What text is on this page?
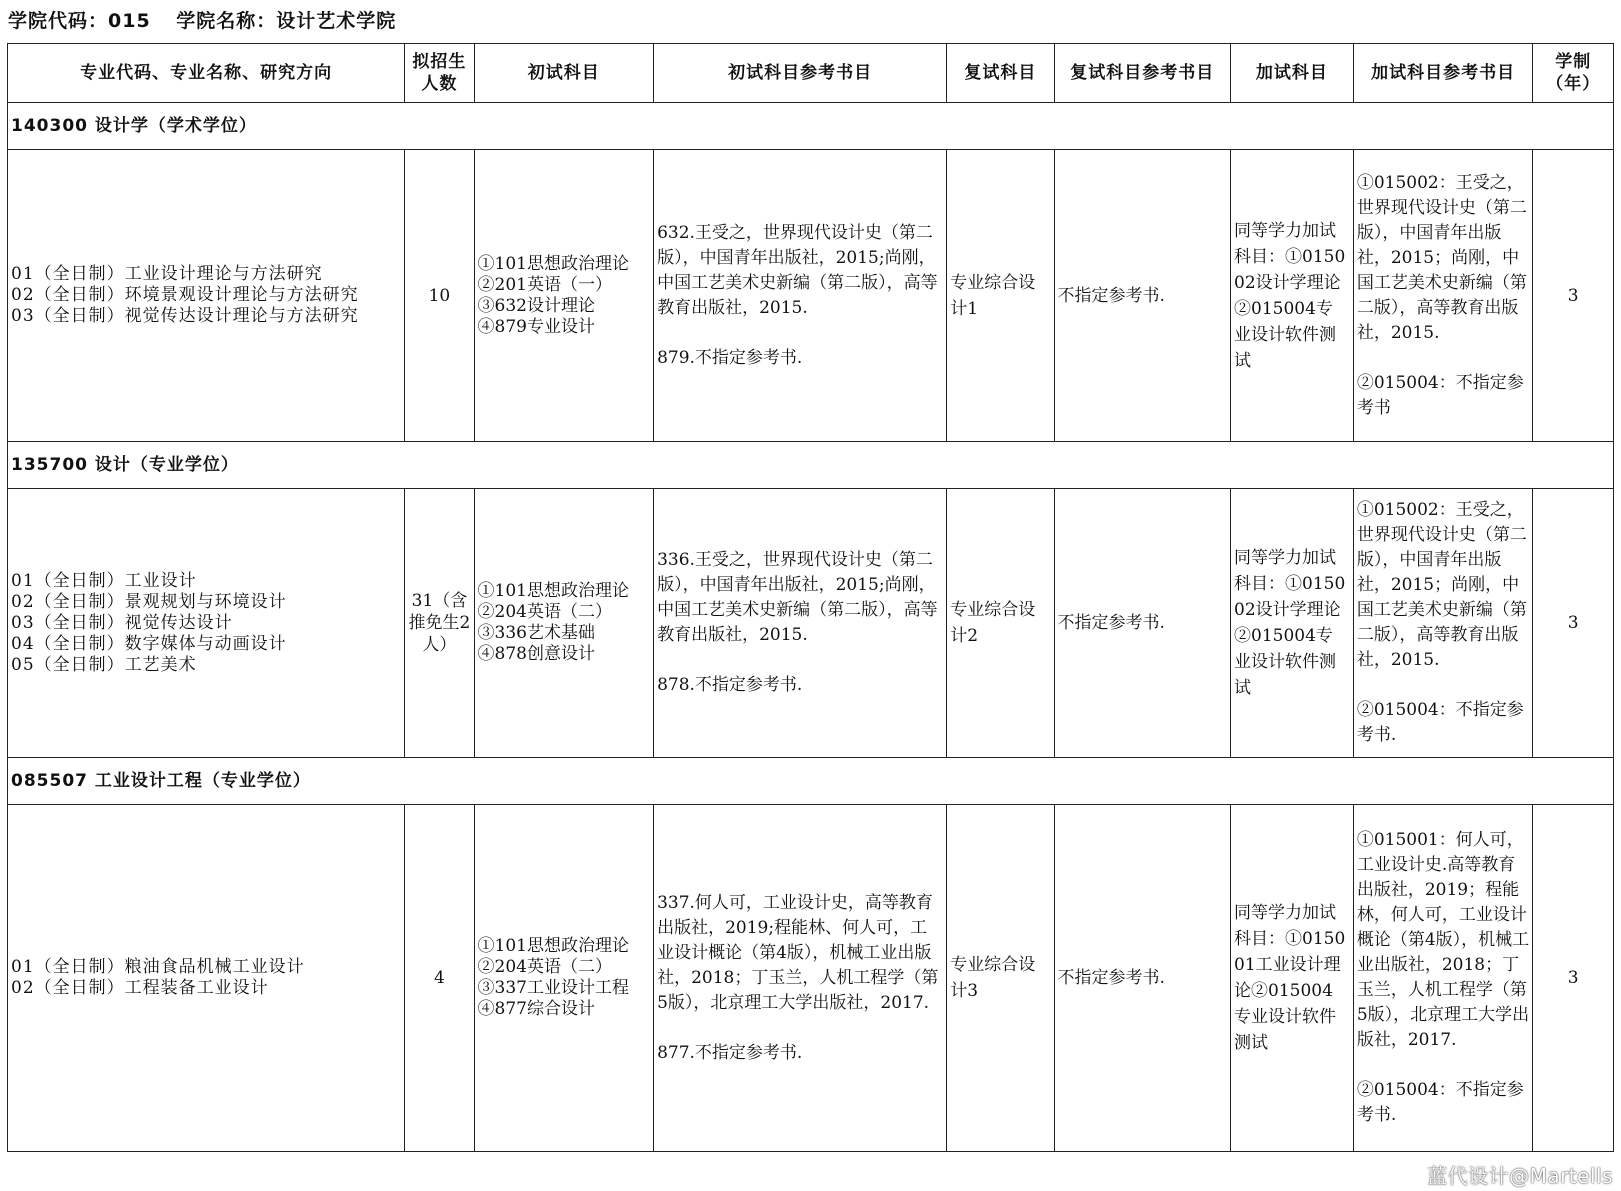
学院代码：015 学院名称：设计艺术学院
专业代码、专业名称、研究方向	拟招生人数	初试科目	初试科目参考书目	复试科目	复试科目参考书目	加试科目	加试科目参考书目	学制（年）
140300 设计学（学术学位）								

01（全日制）工业设计理论与方法研究
02（全日制）环境景观设计理论与方法研究
03（全日制）视觉传达设计理论与方法研究	10	①101思想政治理论
②201英语（一）
③632设计理论
④879专业设计	632.王受之，世界现代设计史（第二版），中国青年出版社，2015;尚刚，中国工艺美术史新编（第二版），高等教育出版社，2015.
879.不指定参考书.	专业综合设计1	不指定参考书.	同等学力加试科目：①015002设计学理论②015004专业设计软件测试	①015002：王受之，世界现代设计史（第二版），中国青年出版社，2015；尚刚，中国工艺美术史新编（第二版），高等教育出版社，2015.
②015004：不指定参考书	3
135700 设计（专业学位）								

01（全日制）工业设计
02（全日制）景观规划与环境设计
03（全日制）视觉传达设计
04（全日制）数字媒体与动画设计
05（全日制）工艺美术	31（含推免生2人）	①101思想政治理论
②204英语（二）
③336艺术基础
④878创意设计	336.王受之，世界现代设计史（第二版），中国青年出版社，2015;尚刚，中国工艺美术史新编（第二版），高等教育出版社，2015.
878.不指定参考书.	专业综合设计2	不指定参考书.	同等学力加试科目：①015002设计学理论②015004专业设计软件测试	①015002：王受之，世界现代设计史（第二版），中国青年出版社，2015；尚刚，中国工艺美术史新编（第二版），高等教育出版社，2015.
②015004：不指定参考书.	3
085507 工业设计工程（专业学位）								

01（全日制）粮油食品机械工业设计
02（全日制）工程装备工业设计	4	①101思想政治理论
②204英语（二）
③337工业设计工程
④877综合设计	337.何人可，工业设计史，高等教育出版社，2019;程能林、何人可，工业设计概论（第4版），机械工业出版社，2018；丁玉兰，人机工程学（第5版），北京理工大学出版社，2017.
877.不指定参考书.	专业综合设计3	不指定参考书.	同等学力加试科目：①015001工业设计理论②015004专业设计软件测试	①015001：何人可，工业设计史.高等教育出版社，2019；程能林，何人可，工业设计概论（第4版），机械工业出版社，2018；丁玉兰，人机工程学（第5版），北京理工大学出版社，2017.
②015004：不指定参考书.	3
蓝代设计@Martells
